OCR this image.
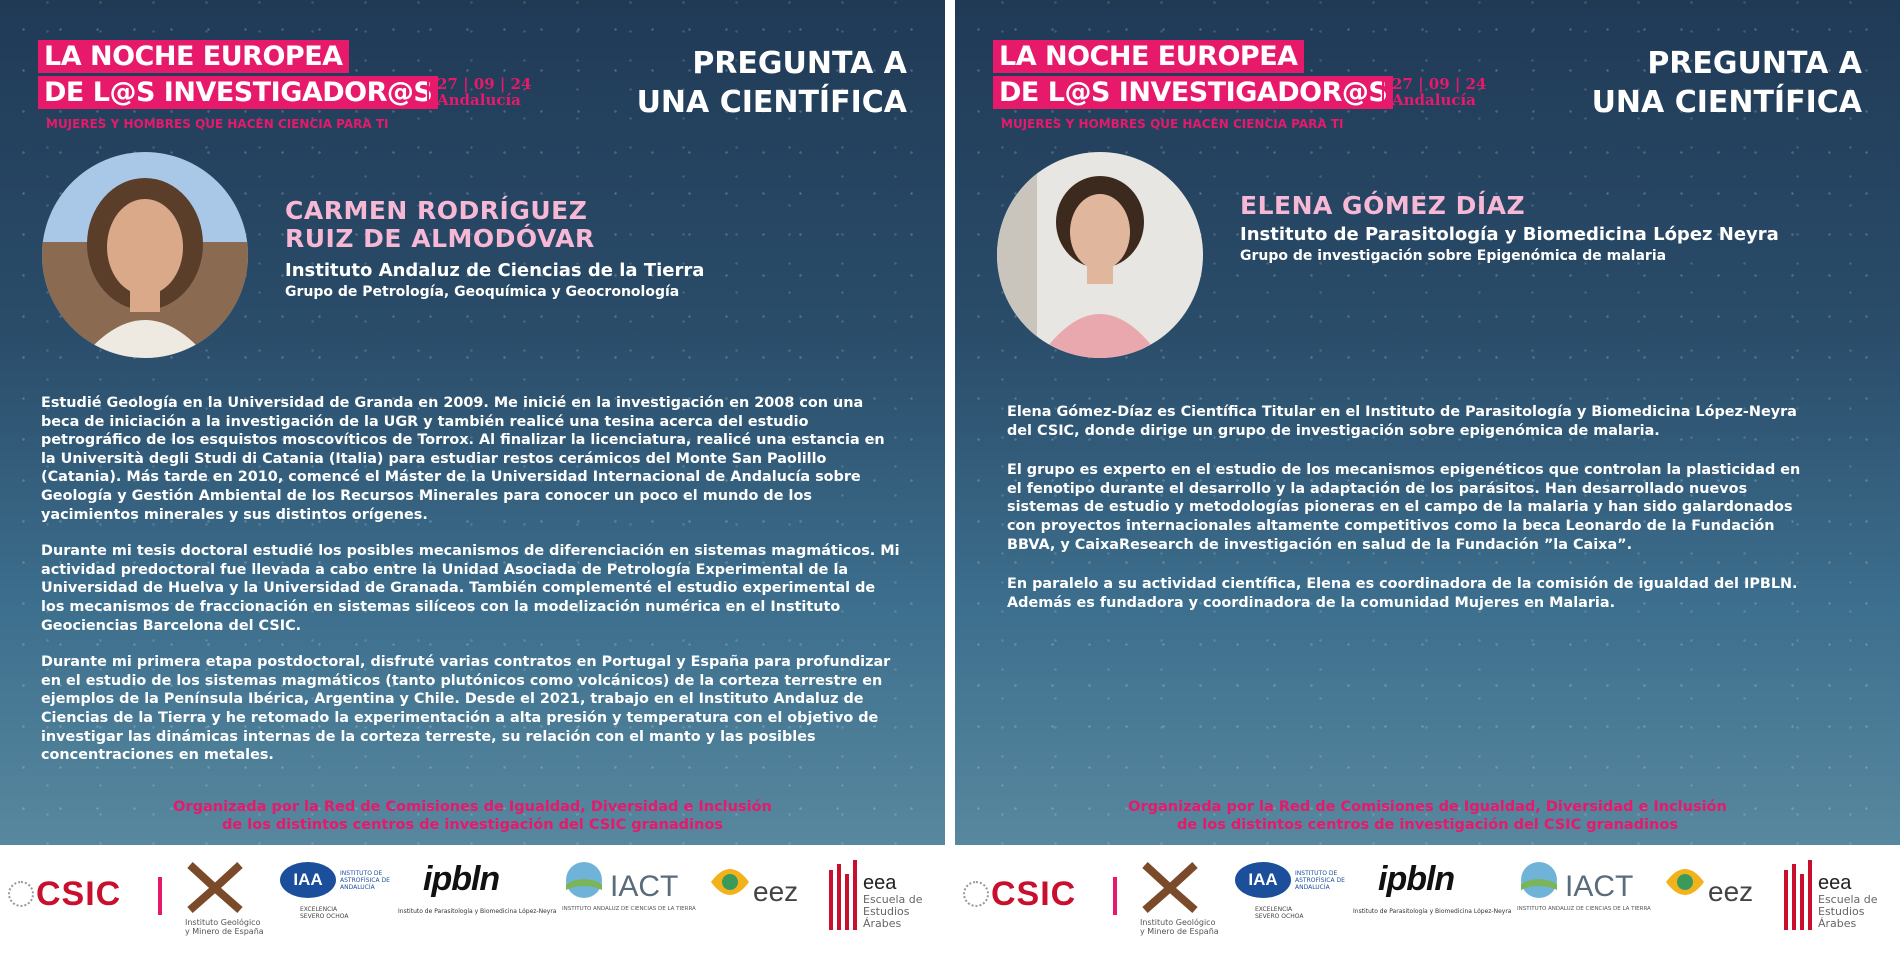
LA NOCHE EUROPEA
DE L@S INVESTIGADOR@S 27 | 09 | 24
Andalucía
MUJERES Y HOMBRES QUE HACEN CIENCIA PARA TI
PREGUNTA A
UNA CIENTÍFICA
CARMEN RODRÍGUEZ
RUIZ DE ALMODÓVAR
Instituto Andaluz de Ciencias de la Tierra
Grupo de Petrología, Geoquímica y Geocronología

Estudié Geología en la Universidad de Granda en 2009. Me inicié en la investigación en 2008 con una beca de iniciación a la investigación de la UGR y también realicé una tesina acerca del estudio petrográfico de los esquistos moscovíticos de Torrox. Al finalizar la licenciatura, realicé una estancia en la Università degli Studi di Catania (Italia) para estudiar restos cerámicos del Monte San Paolillo (Catania). Más tarde en 2010, comencé el Máster de la Universidad Internacional de Andalucía sobre Geología y Gestión Ambiental de los Recursos Minerales para conocer un poco el mundo de los yacimientos minerales y sus distintos orígenes.

Durante mi tesis doctoral estudié los posibles mecanismos de diferenciación en sistemas magmáticos. Mi actividad predoctoral fue llevada a cabo entre la Unidad Asociada de Petrología Experimental de la Universidad de Huelva y la Universidad de Granada. También complementé el estudio experimental de los mecanismos de fraccionación en sistemas silíceos con la modelización numérica en el Instituto Geociencias Barcelona del CSIC.

Durante mi primera etapa postdoctoral, disfruté varias contratos en Portugal y España para profundizar en el estudio de los sistemas magmáticos (tanto plutónicos como volcánicos) de la corteza terrestre en ejemplos de la Península Ibérica, Argentina y Chile. Desde el 2021, trabajo en el Instituto Andaluz de Ciencias de la Tierra y he retomado la experimentación a alta presión y temperatura con el objetivo de investigar las dinámicas internas de la corteza terreste, su relación con el manto y las posibles concentraciones en metales.

Organizada por la Red de Comisiones de Igualdad, Diversidad e Inclusión
de los distintos centros de investigación del CSIC granadinos
LA NOCHE EUROPEA
DE L@S INVESTIGADOR@S 27 | 09 | 24
Andalucía
MUJERES Y HOMBRES QUE HACEN CIENCIA PARA TI
PREGUNTA A
UNA CIENTÍFICA
ELENA GÓMEZ DÍAZ
Instituto de Parasitología y Biomedicina López Neyra
Grupo de investigación sobre Epigenómica de malaria

Elena Gómez-Díaz es Científica Titular en el Instituto de Parasitología y Biomedicina López-Neyra del CSIC, donde dirige un grupo de investigación sobre epigenómica de malaria.

El grupo es experto en el estudio de los mecanismos epigenéticos que controlan la plasticidad en el fenotipo durante el desarrollo y la adaptación de los parásitos. Han desarrollado nuevos sistemas de estudio y metodologías pioneras en el campo de la malaria y han sido galardonados con proyectos internacionales altamente competitivos como la beca Leonardo de la Fundación BBVA, y CaixaResearch de investigación en salud de la Fundación ”la Caixa”.

En paralelo a su actividad científica, Elena es coordinadora de la comisión de igualdad del IPBLN. Además es fundadora y coordinadora de la comunidad Mujeres en Malaria.

Organizada por la Red de Comisiones de Igualdad, Diversidad e Inclusión
de los distintos centros de investigación del CSIC granadinos
CSIC
Instituto Geológico y Minero de España
IAA	INSTITUTO DE ASTROFÍSICA DE ANDALUCÍA
EXCELENCIA SEVERO OCHOA
ipbln
Instituto de Parasitología y Biomedicina López-Neyra
IACT
INSTITUTO ANDALUZ DE CIENCIAS DE LA TIERRA
eez	eea
Escuela de Estudios Árabes
CSIC
Instituto Geológico y Minero de España
IAA	INSTITUTO DE ASTROFÍSICA DE ANDALUCÍA
EXCELENCIA SEVERO OCHOA
ipbln
Instituto de Parasitología y Biomedicina López-Neyra
IACT
INSTITUTO ANDALUZ DE CIENCIAS DE LA TIERRA
eez	eea
Escuela de Estudios Árabes
